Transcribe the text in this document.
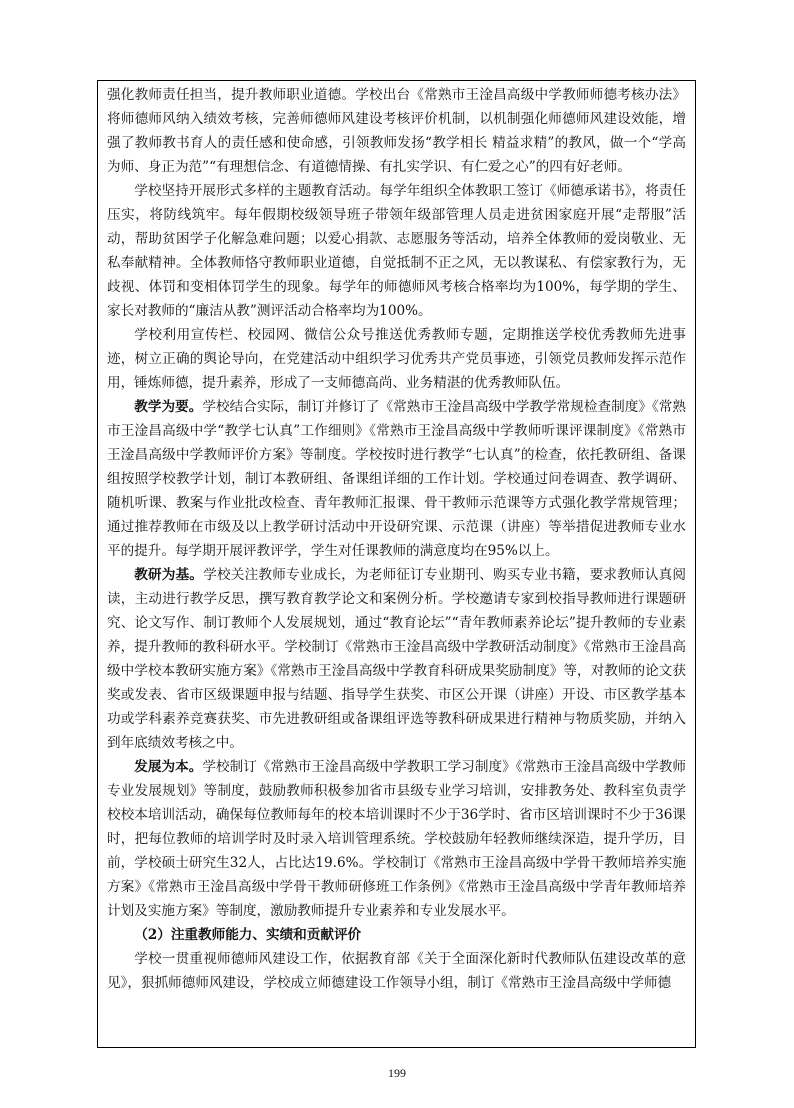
强化教师责任担当，提升教师职业道德。学校出台《常熟市王淦昌高级中学教师师德考核办法》将师德师风纳入绩效考核，完善师德师风建设考核评价机制，以机制强化师德师风建设效能，增强了教师教书育人的责任感和使命感，引领教师发扬“教学相长 精益求精”的教风，做一个“学高为师、身正为范”“有理想信念、有道德情操、有扎实学识、有仁爱之心”的四有好老师。

学校坚持开展形式多样的主题教育活动。每学年组织全体教职工签订《师德承诺书》，将责任压实，将防线筑牢。每年假期校级领导班子带领年级部管理人员走进贫困家庭开展“走帮服”活动，帮助贫困学子化解急难问题；以爱心捐款、志愿服务等活动，培养全体教师的爱岗敬业、无私奉献精神。全体教师恪守教师职业道德，自觉抵制不正之风，无以教谋私、有偿家教行为，无歧视、体罚和变相体罚学生的现象。每学年的师德师风考核合格率均为100%，每学期的学生、家长对教师的“廉洁从教”测评活动合格率均为100%。

学校利用宣传栏、校园网、微信公众号推送优秀教师专题，定期推送学校优秀教师先进事迹，树立正确的舆论导向，在党建活动中组织学习优秀共产党员事迹，引领党员教师发挥示范作用，锤炼师德，提升素养，形成了一支师德高尚、业务精湛的优秀教师队伍。

教学为要。学校结合实际，制订并修订了《常熟市王淦昌高级中学教学常规检查制度》《常熟市王淦昌高级中学“教学七认真”工作细则》《常熟市王淦昌高级中学教师听课评课制度》《常熟市王淦昌高级中学教师评价方案》等制度。学校按时进行教学“七认真”的检查，依托教研组、备课组按照学校教学计划，制订本教研组、备课组详细的工作计划。学校通过问卷调查、教学调研、随机听课、教案与作业批改检查、青年教师汇报课、骨干教师示范课等方式强化教学常规管理；通过推荐教师在市级及以上教学研讨活动中开设研究课、示范课（讲座）等举措促进教师专业水平的提升。每学期开展评教评学，学生对任课教师的满意度均在95%以上。

教研为基。学校关注教师专业成长，为老师征订专业期刊、购买专业书籍，要求教师认真阅读，主动进行教学反思，撰写教育教学论文和案例分析。学校邀请专家到校指导教师进行课题研究、论文写作、制订教师个人发展规划，通过“教育论坛”“青年教师素养论坛”提升教师的专业素养，提升教师的教科研水平。学校制订《常熟市王淦昌高级中学教研活动制度》《常熟市王淦昌高级中学校本教研实施方案》《常熟市王淦昌高级中学教育科研成果奖励制度》等，对教师的论文获奖或发表、省市区级课题申报与结题、指导学生获奖、市区公开课（讲座）开设、市区教学基本功或学科素养竞赛获奖、市先进教研组或备课组评选等教科研成果进行精神与物质奖励，并纳入到年底绩效考核之中。

发展为本。学校制订《常熟市王淦昌高级中学教职工学习制度》《常熟市王淦昌高级中学教师专业发展规划》等制度，鼓励教师积极参加省市县级专业学习培训，安排教务处、教科室负责学校校本培训活动，确保每位教师每年的校本培训课时不少于36学时、省市区培训课时不少于36课时，把每位教师的培训学时及时录入培训管理系统。学校鼓励年轻教师继续深造，提升学历，目前，学校硕士研究生32人，占比达19.6%。学校制订《常熟市王淦昌高级中学骨干教师培养实施方案》《常熟市王淦昌高级中学骨干教师研修班工作条例》《常熟市王淦昌高级中学青年教师培养计划及实施方案》等制度，激励教师提升专业素养和专业发展水平。

（2）注重教师能力、实绩和贡献评价

学校一贯重视师德师风建设工作，依据教育部《关于全面深化新时代教师队伍建设改革的意见》，狠抓师德师风建设，学校成立师德建设工作领导小组，制订《常熟市王淦昌高级中学师德

199
